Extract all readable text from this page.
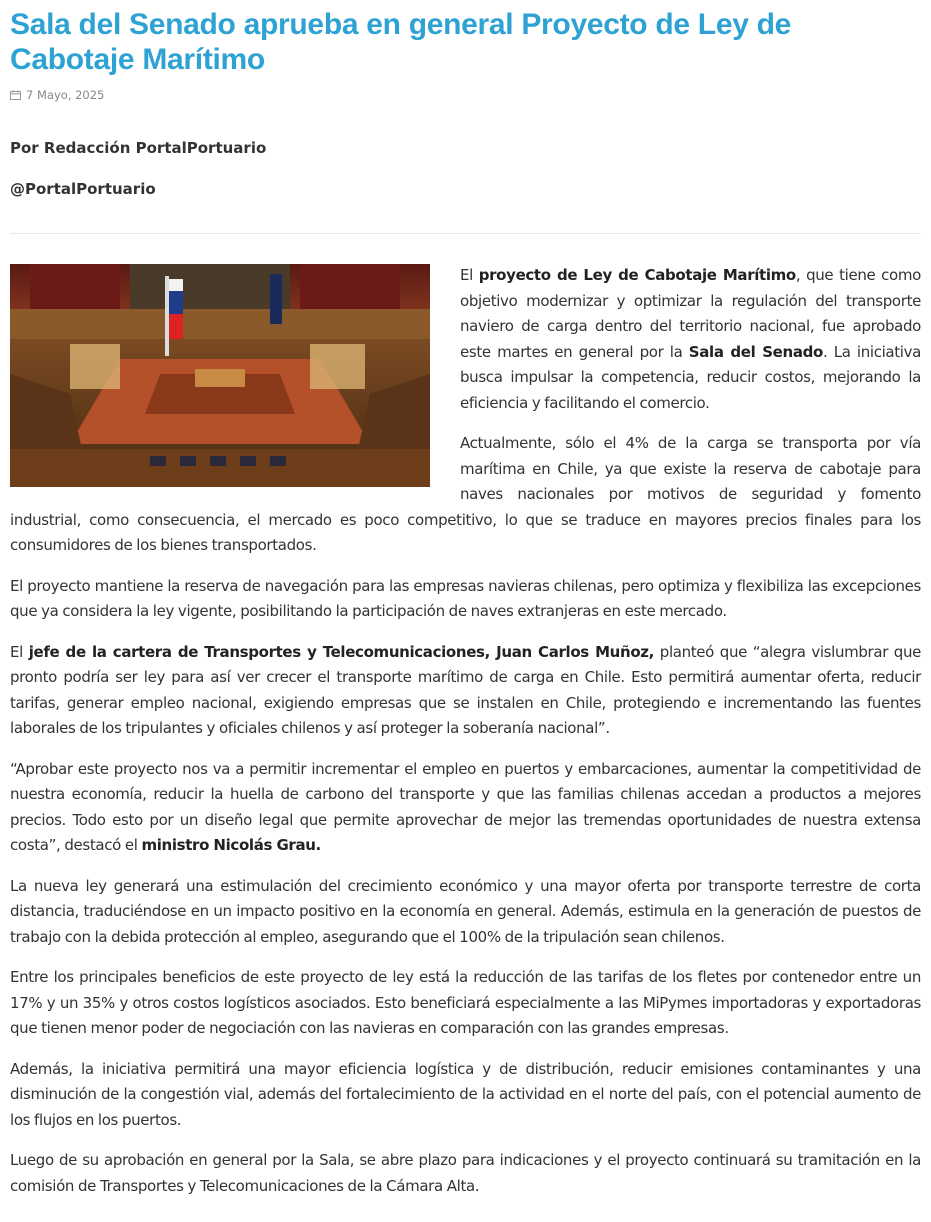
Sala del Senado aprueba en general Proyecto de Ley de Cabotaje Marítimo
7 Mayo, 2025

Por Redacción PortalPortuario

@PortalPortuario

El proyecto de Ley de Cabotaje Marítimo, que tiene como objetivo modernizar y optimizar la regulación del transporte naviero de carga dentro del territorio nacional, fue aprobado este martes en general por la Sala del Senado. La iniciativa busca impulsar la competencia, reducir costos, mejorando la eficiencia y facilitando el comercio.

Actualmente, sólo el 4% de la carga se transporta por vía marítima en Chile, ya que existe la reserva de cabotaje para naves nacionales por motivos de seguridad y fomento industrial, como consecuencia, el mercado es poco competitivo, lo que se traduce en mayores precios finales para los consumidores de los bienes transportados.

El proyecto mantiene la reserva de navegación para las empresas navieras chilenas, pero optimiza y flexibiliza las excepciones que ya considera la ley vigente, posibilitando la participación de naves extranjeras en este mercado.

El jefe de la cartera de Transportes y Telecomunicaciones, Juan Carlos Muñoz, planteó que “alegra vislumbrar que pronto podría ser ley para así ver crecer el transporte marítimo de carga en Chile. Esto permitirá aumentar oferta, reducir tarifas, generar empleo nacional, exigiendo empresas que se instalen en Chile, protegiendo e incrementando las fuentes laborales de los tripulantes y oficiales chilenos y así proteger la soberanía nacional”.

“Aprobar este proyecto nos va a permitir incrementar el empleo en puertos y embarcaciones, aumentar la competitividad de nuestra economía, reducir la huella de carbono del transporte y que las familias chilenas accedan a productos a mejores precios. Todo esto por un diseño legal que permite aprovechar de mejor las tremendas oportunidades de nuestra extensa costa”, destacó el ministro Nicolás Grau.

La nueva ley generará una estimulación del crecimiento económico y una mayor oferta por transporte terrestre de corta distancia, traduciéndose en un impacto positivo en la economía en general. Además, estimula en la generación de puestos de trabajo con la debida protección al empleo, asegurando que el 100% de la tripulación sean chilenos.

Entre los principales beneficios de este proyecto de ley está la reducción de las tarifas de los fletes por contenedor entre un 17% y un 35% y otros costos logísticos asociados. Esto beneficiará especialmente a las MiPymes importadoras y exportadoras que tienen menor poder de negociación con las navieras en comparación con las grandes empresas.

Además, la iniciativa permitirá una mayor eficiencia logística y de distribución, reducir emisiones contaminantes y una disminución de la congestión vial, además del fortalecimiento de la actividad en el norte del país, con el potencial aumento de los flujos en los puertos.

Luego de su aprobación en general por la Sala, se abre plazo para indicaciones y el proyecto continuará su tramitación en la comisión de Transportes y Telecomunicaciones de la Cámara Alta.
